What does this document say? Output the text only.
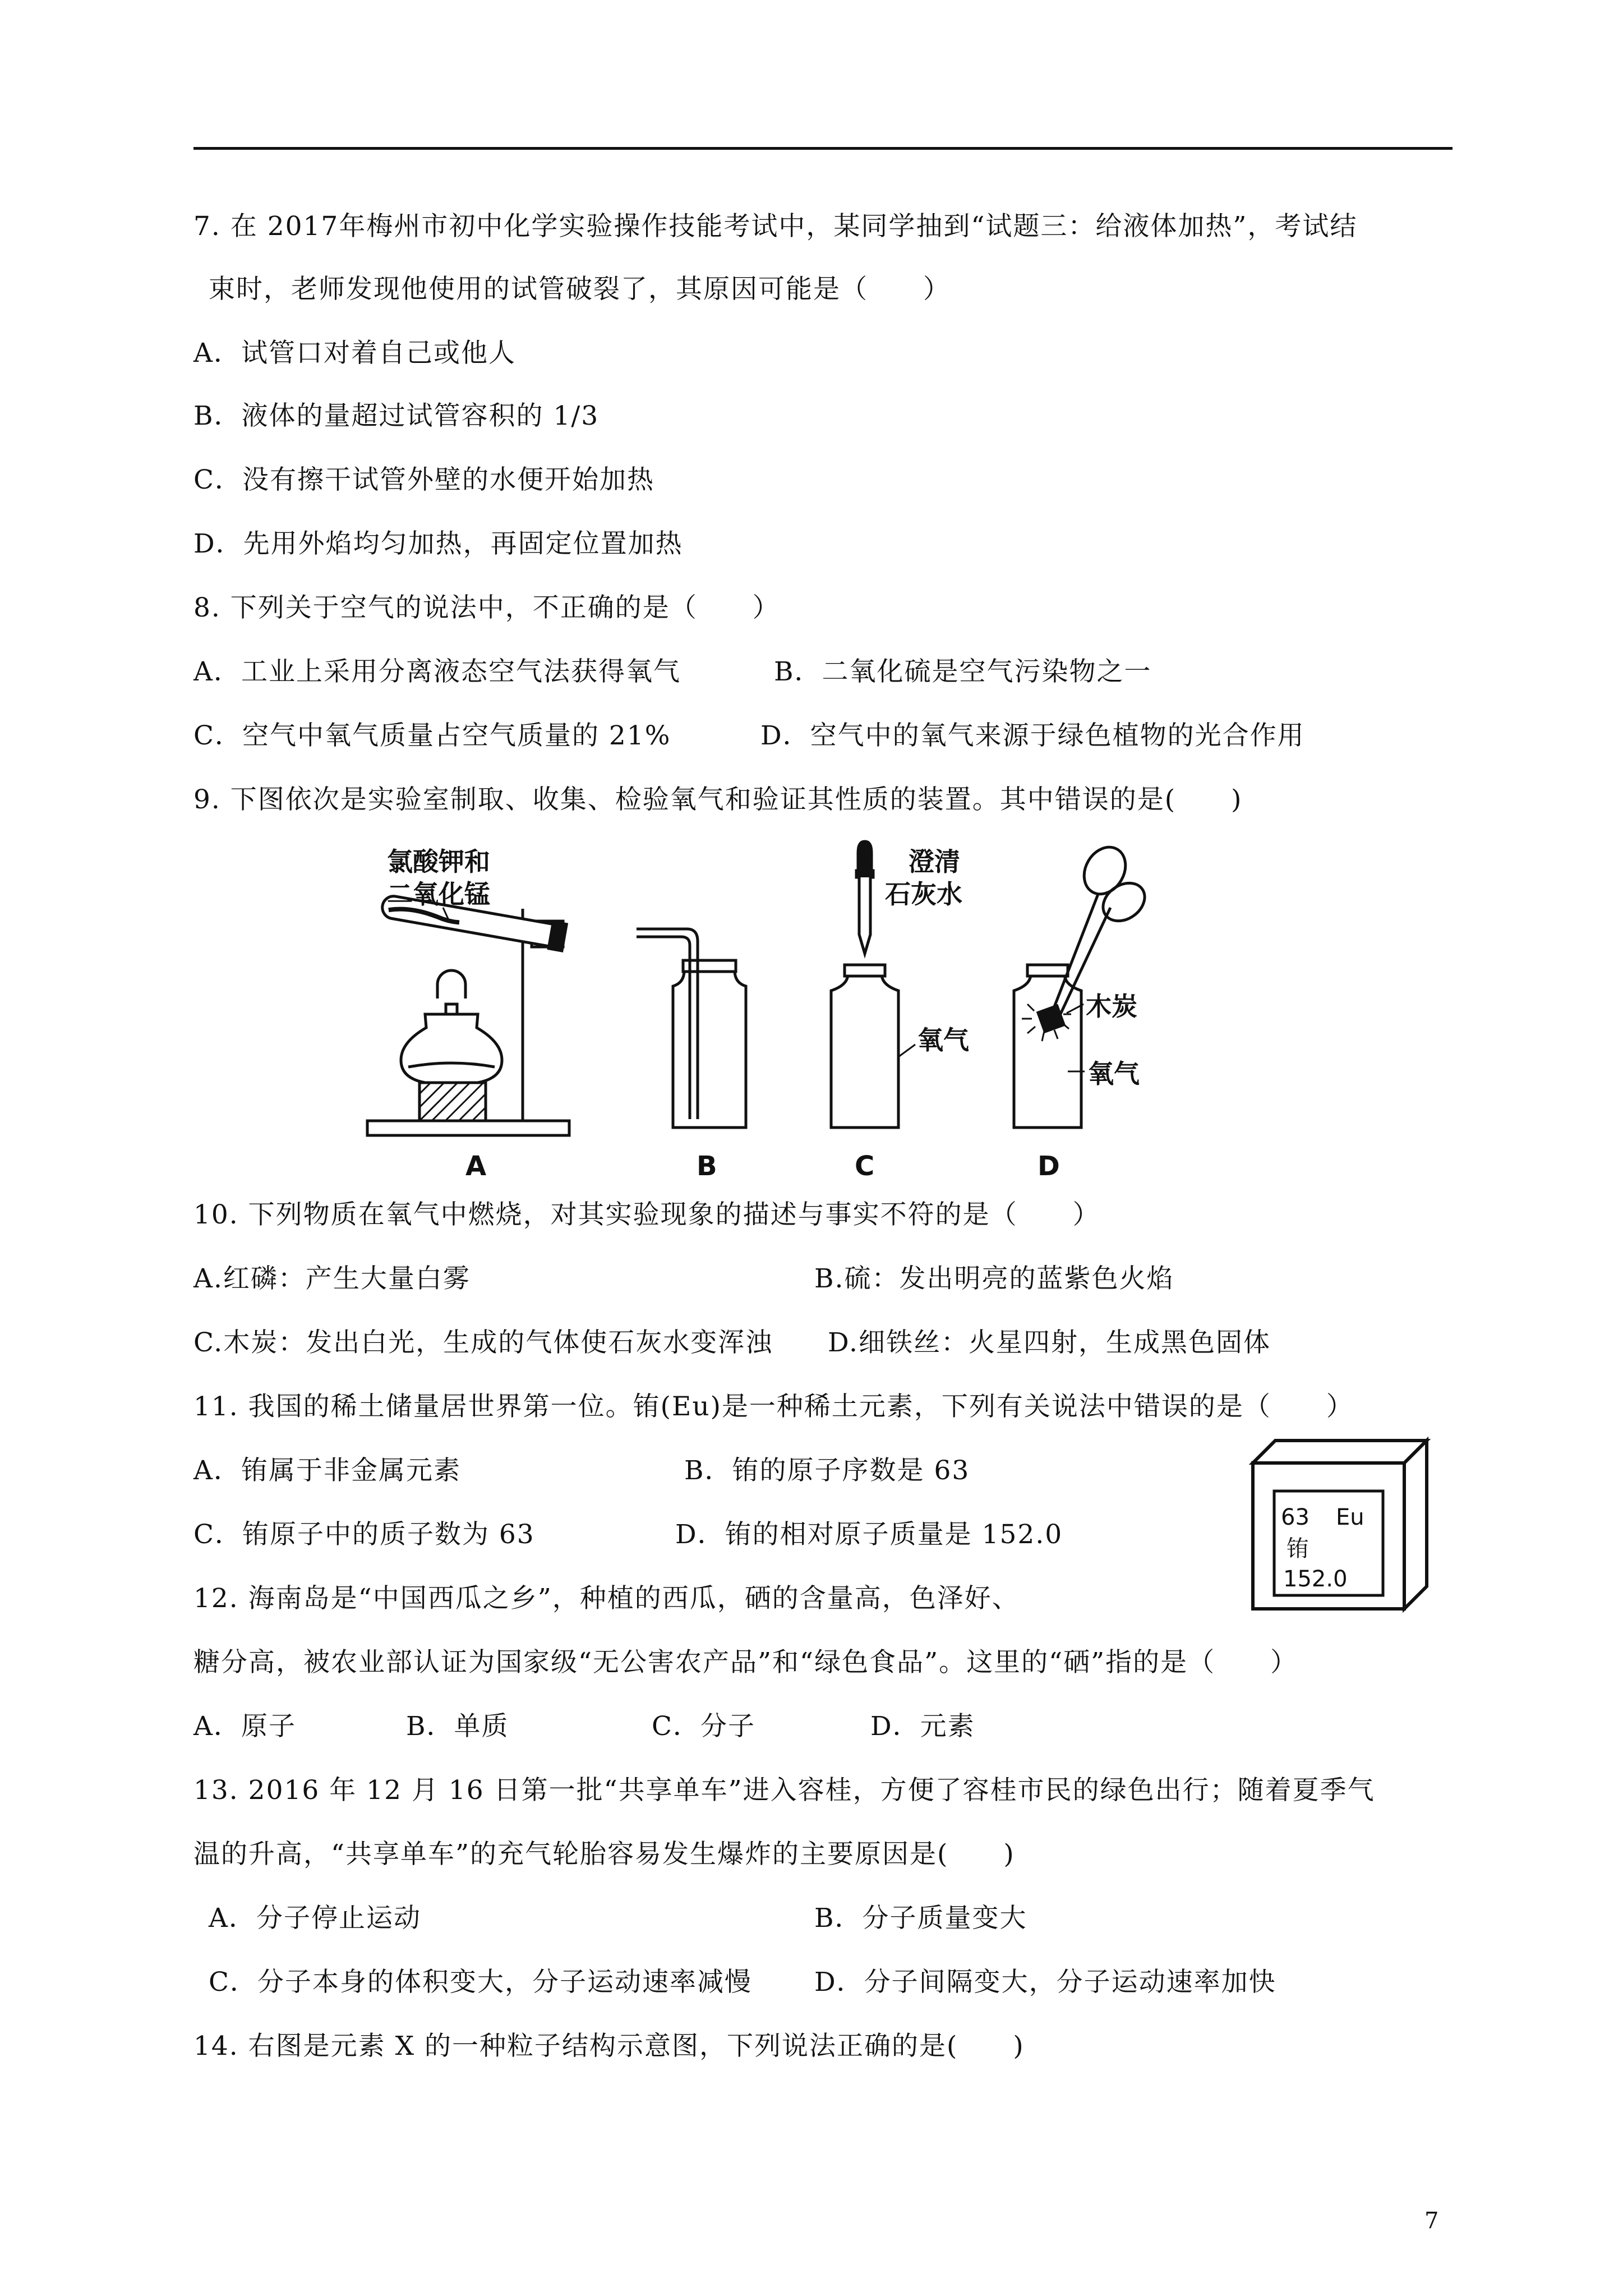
7. 在 2017年梅州市初中化学实验操作技能考试中，某同学抽到“试题三：给液体加热”，考试结
束时，老师发现他使用的试管破裂了，其原因可能是（　　）
A．试管口对着自己或他人
B．液体的量超过试管容积的 1/3
C．没有擦干试管外壁的水便开始加热
D．先用外焰均匀加热，再固定位置加热
8. 下列关于空气的说法中，不正确的是（　　）
A．工业上采用分离液态空气法获得氧气	B．二氧化硫是空气污染物之一
C．空气中氧气质量占空气质量的 21%	D．空气中的氧气来源于绿色植物的光合作用
9. 下图依次是实验室制取、收集、检验氧气和验证其性质的装置。其中错误的是(　　)
氯酸钾和
二氧化锰
A	B
澄清
石灰水
氧气
C
木炭
氧气
D
10. 下列物质在氧气中燃烧，对其实验现象的描述与事实不符的是（　　）
A.红磷：产生大量白雾	B.硫：发出明亮的蓝紫色火焰
C.木炭：发出白光，生成的气体使石灰水变浑浊 D.细铁丝：火星四射，生成黑色固体
11. 我国的稀土储量居世界第一位。铕(Eu)是一种稀土元素，下列有关说法中错误的是（　　）
A．铕属于非金属元素	B．铕的原子序数是 63
C．铕原子中的质子数为 63	D．铕的相对原子质量是 152.0
63 Eu
铕
152.0
12. 海南岛是“中国西瓜之乡”，种植的西瓜，硒的含量高，色泽好、
糖分高，被农业部认证为国家级“无公害农产品”和“绿色食品”。这里的“硒”指的是（　　）
A．原子	B．单质	C．分子	D．元素
13. 2016 年 12 月 16 日第一批“共享单车”进入容桂，方便了容桂市民的绿色出行；随着夏季气
温的升高，“共享单车”的充气轮胎容易发生爆炸的主要原因是(　　)
A．分子停止运动	B．分子质量变大
C．分子本身的体积变大，分子运动速率减慢 D．分子间隔变大，分子运动速率加快
14. 右图是元素 X 的一种粒子结构示意图，下列说法正确的是(　　)
7
